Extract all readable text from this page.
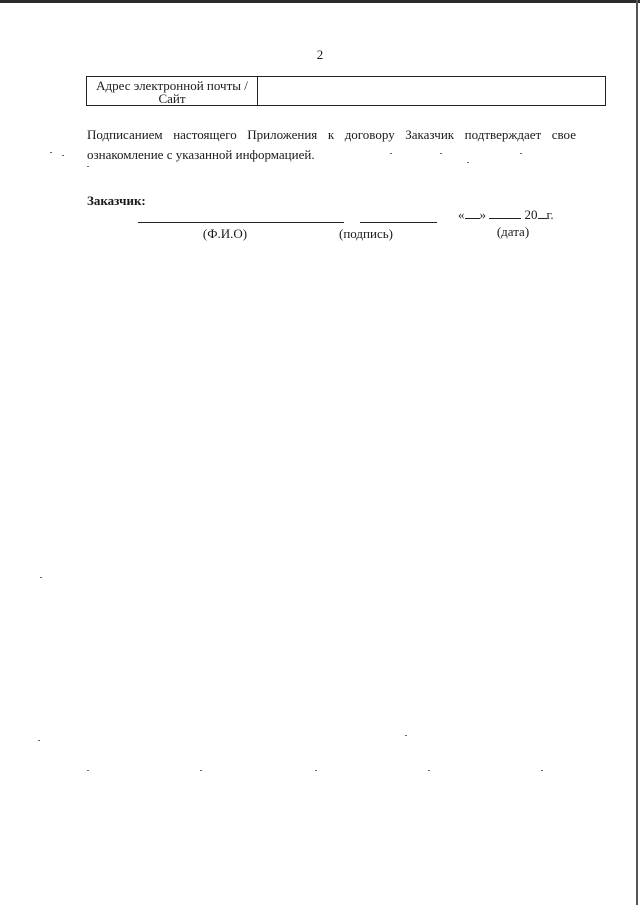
2
Адрес электронной почты /
Сайт
Подписанием настоящего Приложения к договору Заказчик подтверждает свое
ознакомление с указанной информацией.
Заказчик:
« »	20 г.
(Ф.И.О)	(подпись)	(дата)
